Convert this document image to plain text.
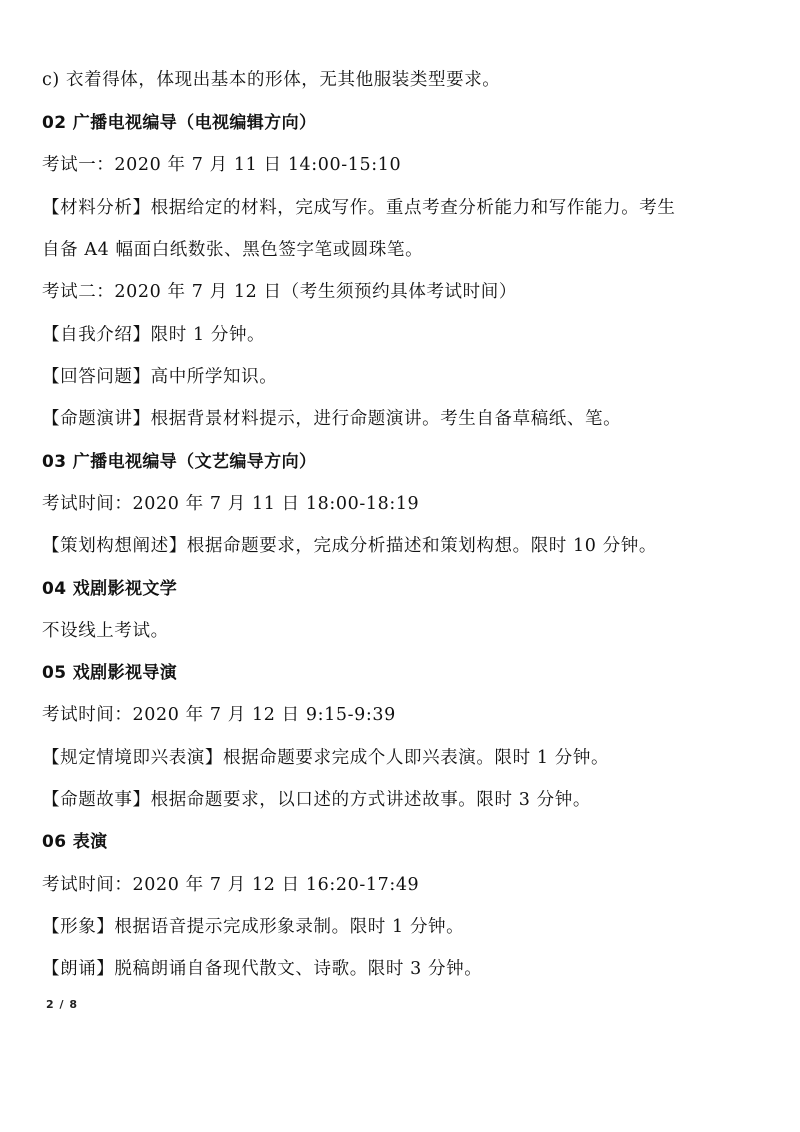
c) 衣着得体，体现出基本的形体，无其他服装类型要求。
02 广播电视编导（电视编辑方向）
考试一：2020 年 7 月 11 日 14:00-15:10
【材料分析】根据给定的材料，完成写作。重点考查分析能力和写作能力。考生
自备 A4 幅面白纸数张、黑色签字笔或圆珠笔。
考试二：2020 年 7 月 12 日（考生须预约具体考试时间）
【自我介绍】限时 1 分钟。
【回答问题】高中所学知识。
【命题演讲】根据背景材料提示，进行命题演讲。考生自备草稿纸、笔。
03 广播电视编导（文艺编导方向）
考试时间：2020 年 7 月 11 日 18:00-18:19
【策划构想阐述】根据命题要求，完成分析描述和策划构想。限时 10 分钟。
04 戏剧影视文学
不设线上考试。
05 戏剧影视导演
考试时间：2020 年 7 月 12 日 9:15-9:39
【规定情境即兴表演】根据命题要求完成个人即兴表演。限时 1 分钟。
【命题故事】根据命题要求，以口述的方式讲述故事。限时 3 分钟。
06 表演
考试时间：2020 年 7 月 12 日 16:20-17:49
【形象】根据语音提示完成形象录制。限时 1 分钟。
【朗诵】脱稿朗诵自备现代散文、诗歌。限时 3 分钟。
2 / 8
